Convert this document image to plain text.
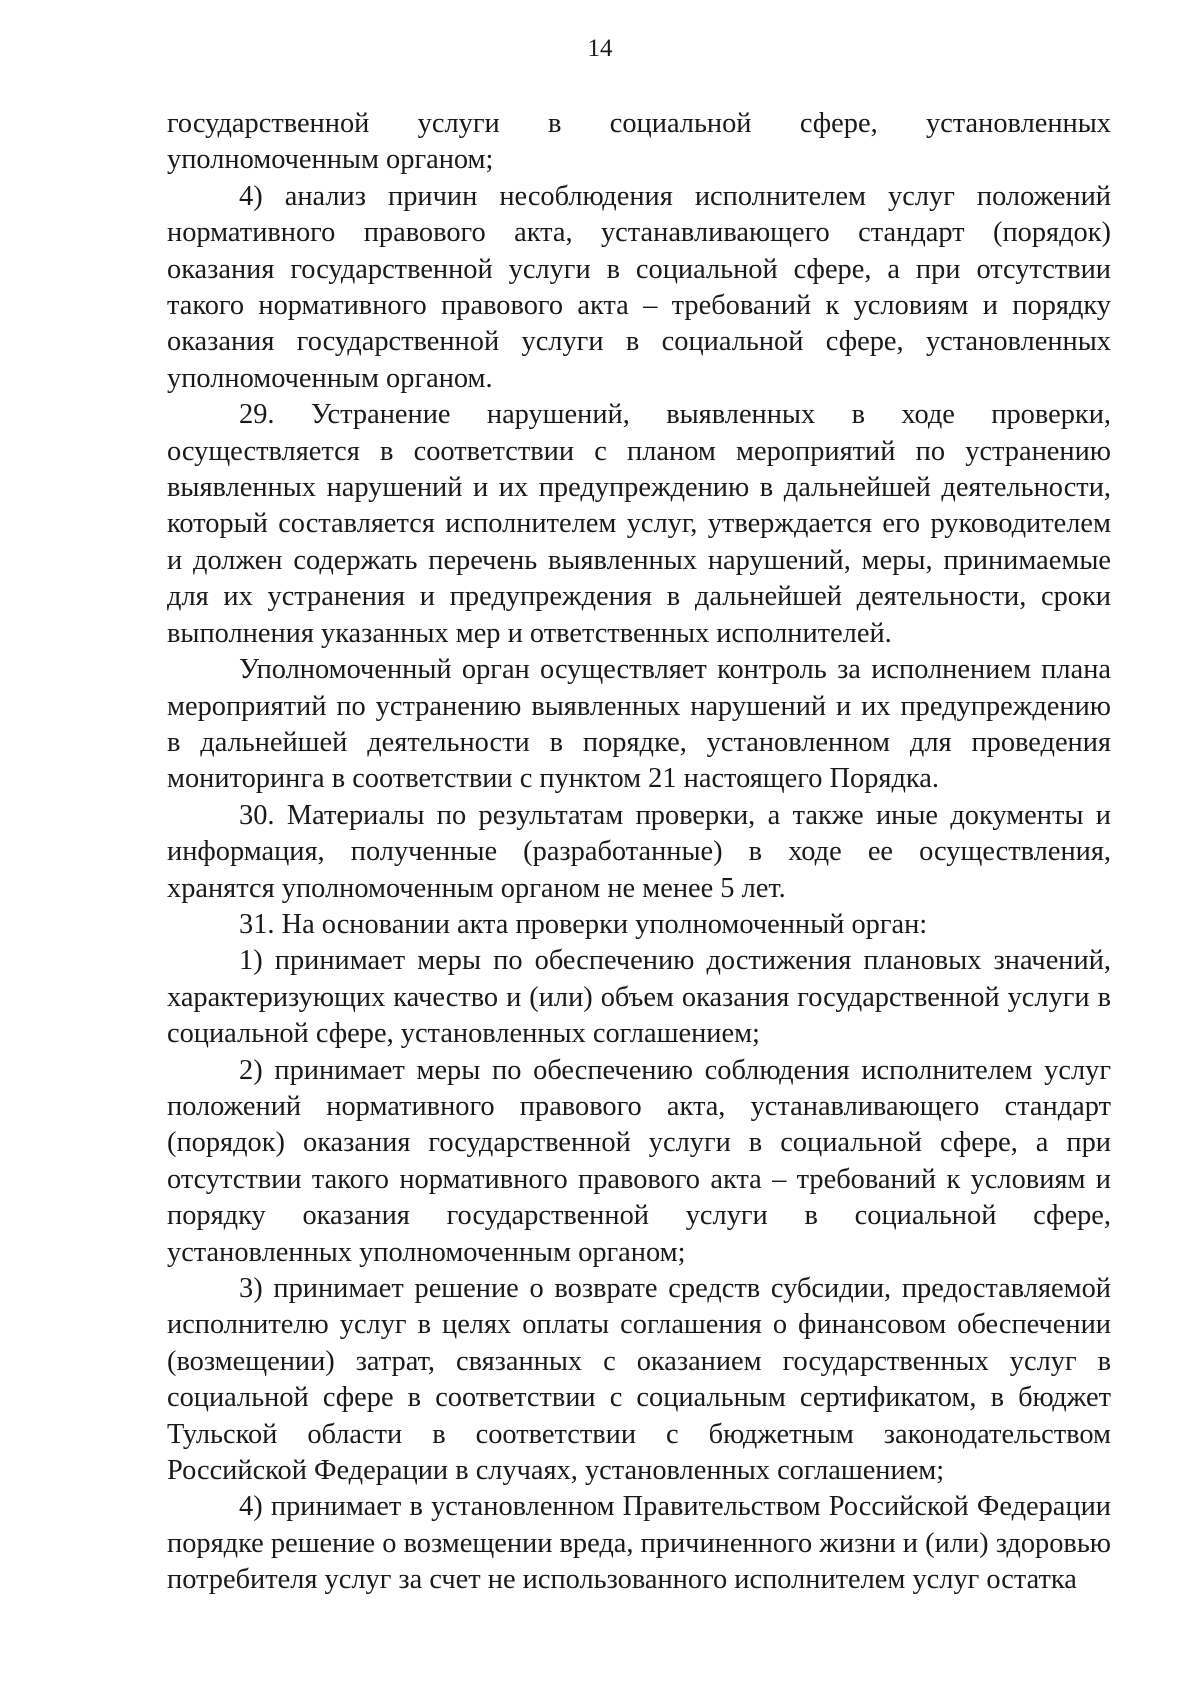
14

государственной услуги в социальной сфере, установленных уполномоченным органом;

4) анализ причин несоблюдения исполнителем услуг положений нормативного правового акта, устанавливающего стандарт (порядок) оказания государственной услуги в социальной сфере, а при отсутствии такого нормативного правового акта – требований к условиям и порядку оказания государственной услуги в социальной сфере, установленных уполномоченным органом.

29. Устранение нарушений, выявленных в ходе проверки, осуществляется в соответствии с планом мероприятий по устранению выявленных нарушений и их предупреждению в дальнейшей деятельности, который составляется исполнителем услуг, утверждается его руководителем и должен содержать перечень выявленных нарушений, меры, принимаемые для их устранения и предупреждения в дальнейшей деятельности, сроки выполнения указанных мер и ответственных исполнителей.

Уполномоченный орган осуществляет контроль за исполнением плана мероприятий по устранению выявленных нарушений и их предупреждению в дальнейшей деятельности в порядке, установленном для проведения мониторинга в соответствии с пунктом 21 настоящего Порядка.

30. Материалы по результатам проверки, а также иные документы и информация, полученные (разработанные) в ходе ее осуществления, хранятся уполномоченным органом не менее 5 лет.

31. На основании акта проверки уполномоченный орган:

1) принимает меры по обеспечению достижения плановых значений, характеризующих качество и (или) объем оказания государственной услуги в социальной сфере, установленных соглашением;

2) принимает меры по обеспечению соблюдения исполнителем услуг положений нормативного правового акта, устанавливающего стандарт (порядок) оказания государственной услуги в социальной сфере, а при отсутствии такого нормативного правового акта – требований к условиям и порядку оказания государственной услуги в социальной сфере, установленных уполномоченным органом;

3) принимает решение о возврате средств субсидии, предоставляемой исполнителю услуг в целях оплаты соглашения о финансовом обеспечении (возмещении) затрат, связанных с оказанием государственных услуг в социальной сфере в соответствии с социальным сертификатом, в бюджет Тульской области в соответствии с бюджетным законодательством Российской Федерации в случаях, установленных соглашением;

4) принимает в установленном Правительством Российской Федерации порядке решение о возмещении вреда, причиненного жизни и (или) здоровью потребителя услуг за счет не использованного исполнителем услуг остатка
